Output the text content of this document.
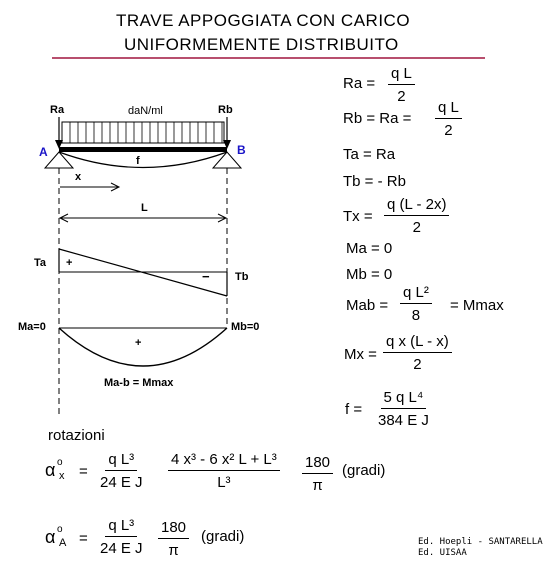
TRAVE APPOGGIATA CON CARICO
UNIFORMEMENTE DISTRIBUITO
Ra	Rb
daN/ml
A	B
f
x
L
Ta
Tb
+
−
Ma=0	Mb=0
+
Ma-b = Mmax
$Ra = \frac{\text{q L}}{2}$
$Rb = Ra = \frac{\text{q L}}{2}$
Ta = Ra
Tb = - Rb
$Tx = \frac{q (L - 2x)}{2}$
Ma = 0
Mb = 0
Mab = $\frac{\text{q L²}}{8} = Mmax$
$Mx = \frac{\text{q x (L - x)}}{2}$
$f = \frac{\text{5 q L⁴}}{\text{384 E J}}$
rotazioni
α o
$x = \frac{\text{q L³}}{\text{24 E J}} \frac{\text{4 x³ - 6 x² L + L³}}{\text{L³}} \frac{180}{\pi}$ (gradi)
α o
$A = \frac{\text{q L³}}{\text{24 E J}} \frac{180}{\pi}$ (gradi)	Ed. Hoepli - SANTARELLA
Ed. UISAA
